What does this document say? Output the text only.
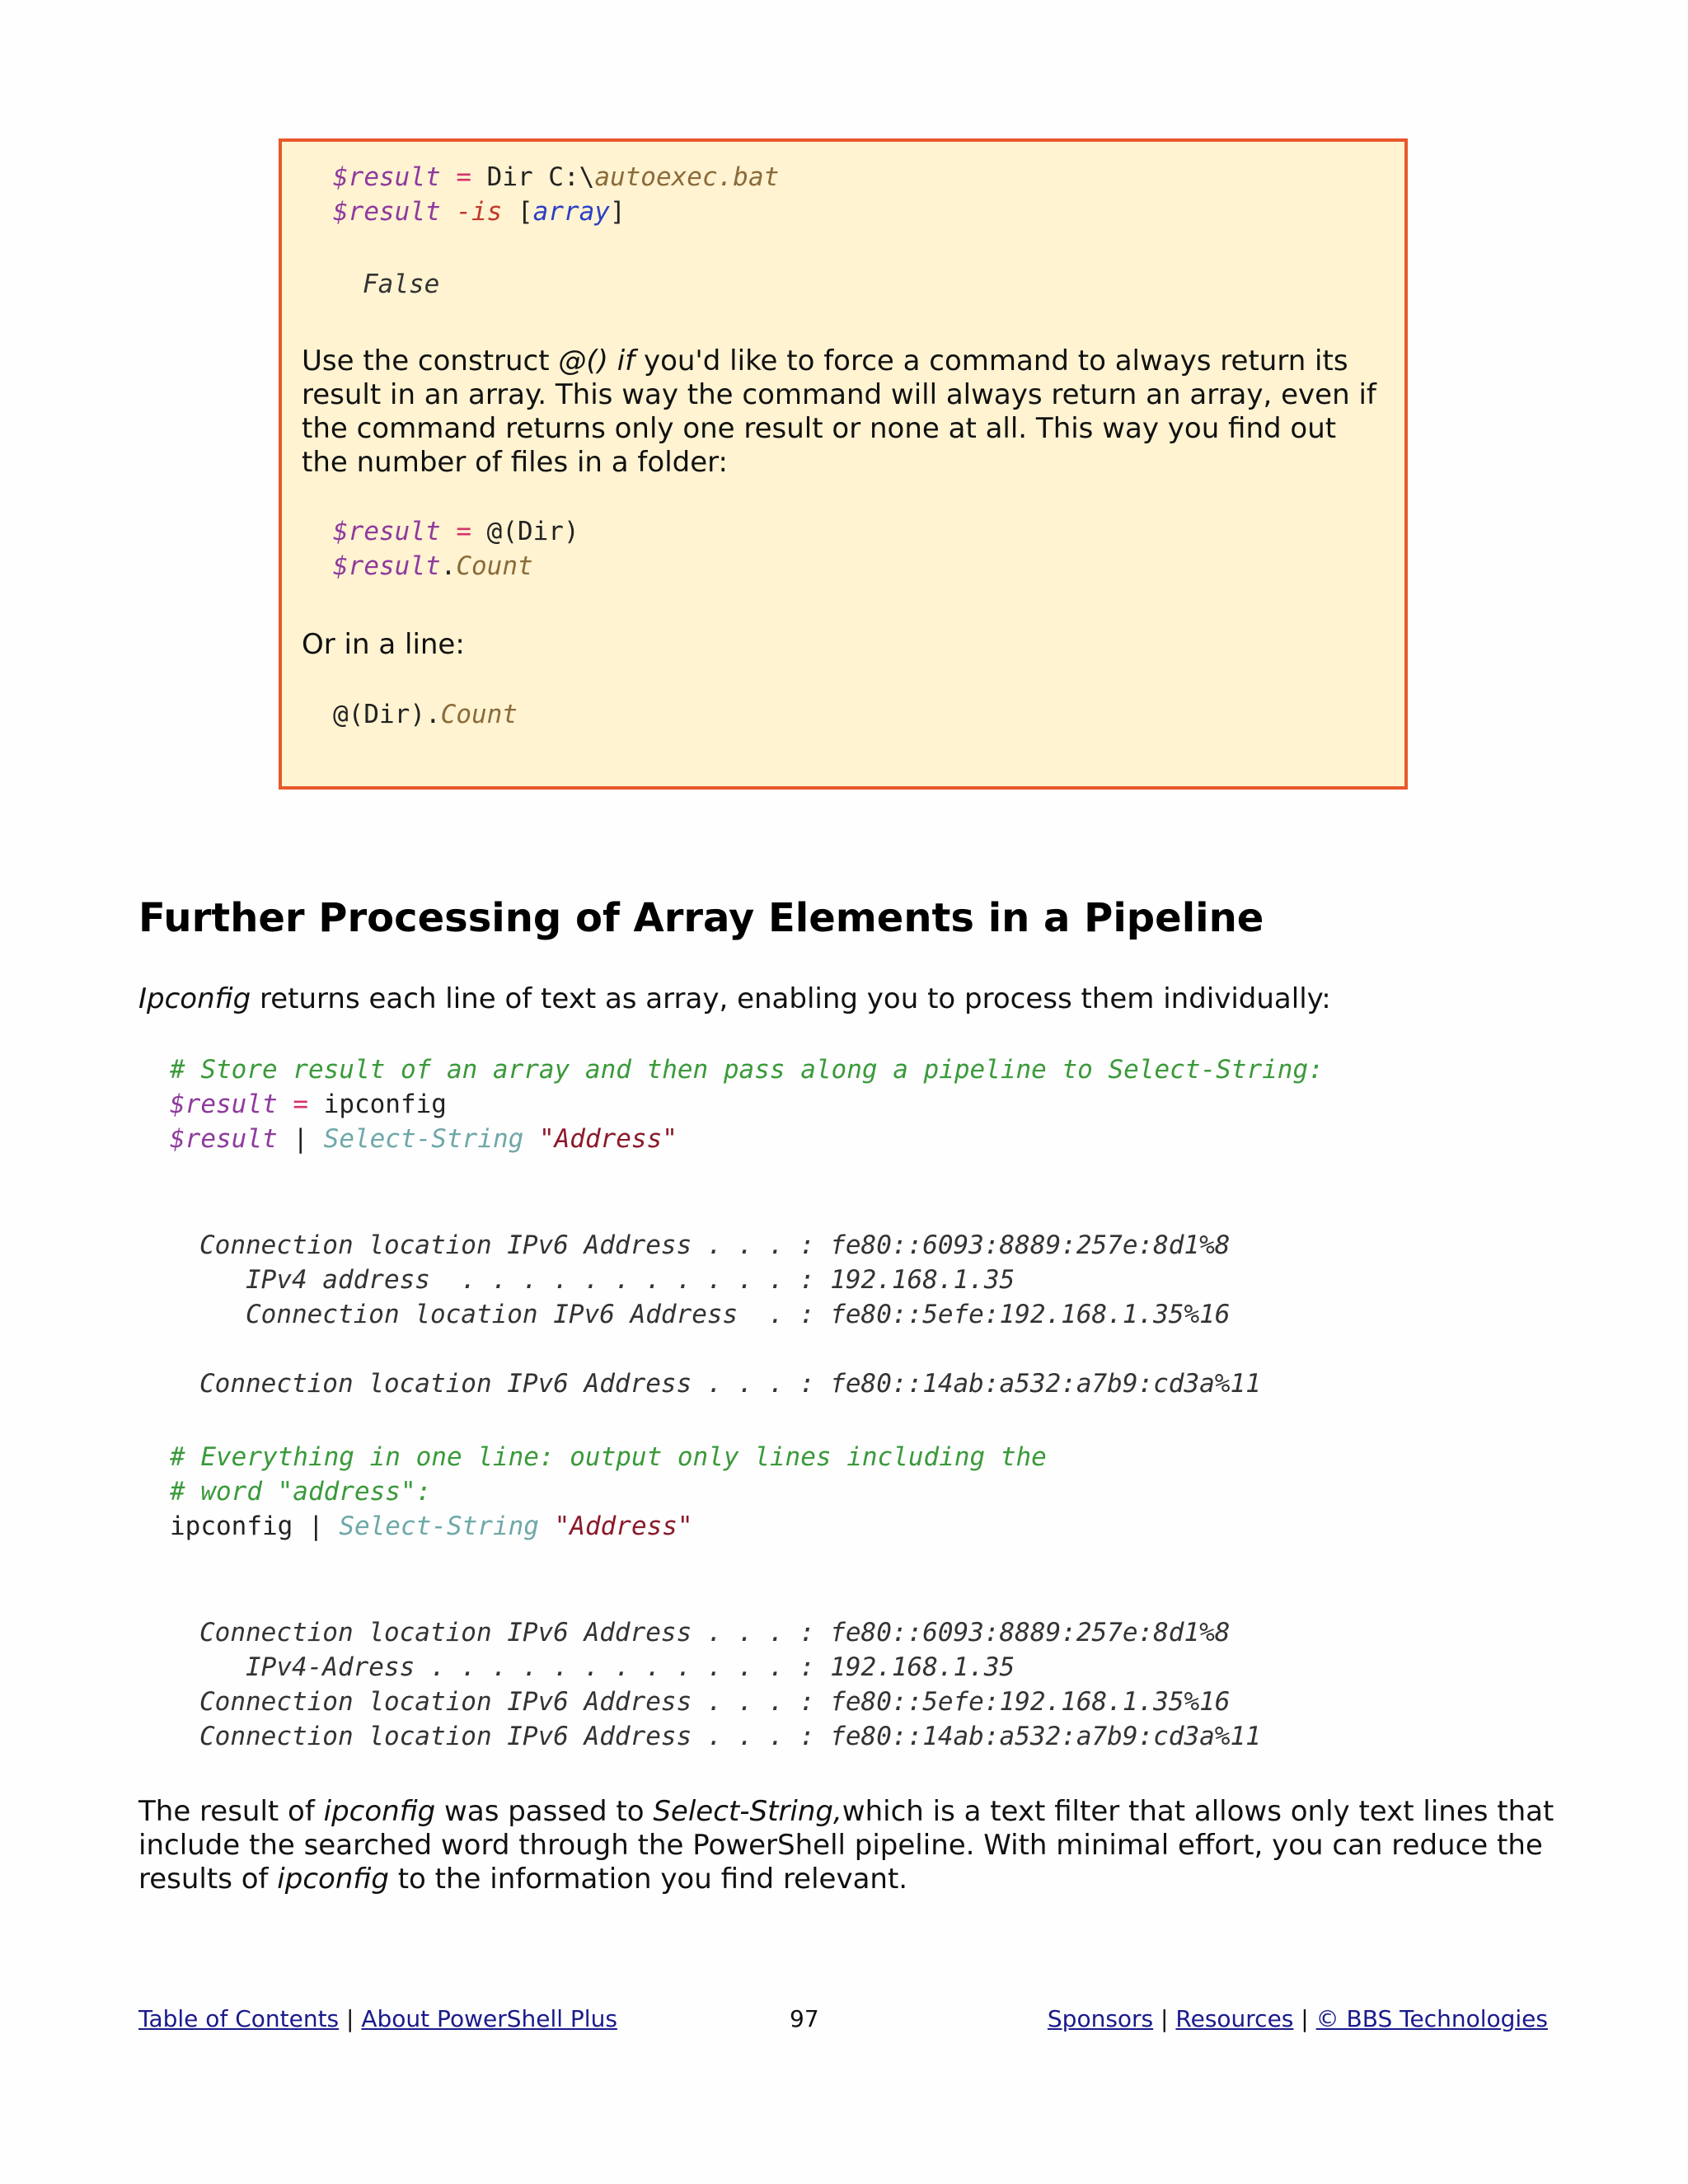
$result = Dir C:\autoexec.bat
$result -is [array]
False

Use the construct @() if you'd like to force a command to always return its result in an array. This way the command will always return an array, even if the command returns only one result or none at all. This way you find out the number of files in a folder:

$result = @(Dir)
$result.Count

Or in a line:

@(Dir).Count
Further Processing of Array Elements in a Pipeline

Ipconfig returns each line of text as array, enabling you to process them individually:

# Store result of an array and then pass along a pipeline to Select-String:
$result = ipconfig
$result | Select-String "Address"
Connection location IPv6 Address . . . : fe80::6093:8889:257e:8d1%8
IPv4 address  . . . . . . . . . . . : 192.168.1.35
Connection location IPv6 Address  . : fe80::5efe:192.168.1.35%16
Connection location IPv6 Address . . . : fe80::14ab:a532:a7b9:cd3a%11
# Everything in one line: output only lines including the
# word "address":
ipconfig | Select-String "Address"
Connection location IPv6 Address . . . : fe80::6093:8889:257e:8d1%8
IPv4-Adress . . . . . . . . . . . . : 192.168.1.35
Connection location IPv6 Address . . . : fe80::5efe:192.168.1.35%16
Connection location IPv6 Address . . . : fe80::14ab:a532:a7b9:cd3a%11

The result of ipconfig was passed to Select-String,which is a text filter that allows only text lines that include the searched word through the PowerShell pipeline. With minimal effort, you can reduce the results of ipconfig to the information you find relevant.

Table of Contents | About PowerShell Plus	97	Sponsors | Resources | © BBS Technologies
